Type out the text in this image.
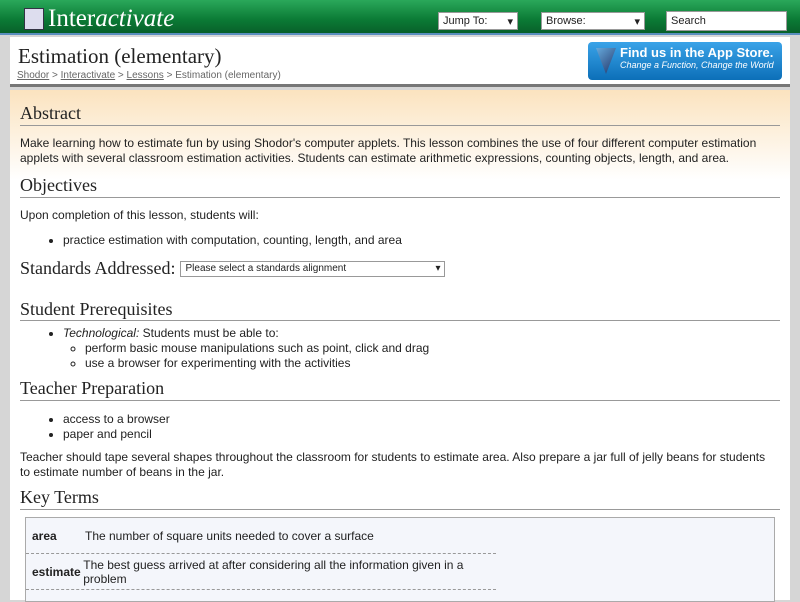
Inter activate	Jump To: ▾	Browse:	▾	Search
Estimation (elementary)
Shodor > Interactivate > Lessons > Estimation (elementary)
Find us in the App Store.
Change a Function, Change the World
Abstract

Make learning how to estimate fun by using Shodor's computer applets. This lesson combines the use of four different computer estimation applets with several classroom estimation activities. Students can estimate arithmetic expressions, counting objects, length, and area.

Objectives

Upon completion of this lesson, students will:

• practice estimation with computation, counting, length, and area
Standards Addressed: Please select a standards alignment	▾
Student Prerequisites
• Technological: Students must be able to:
◦ perform basic mouse manipulations such as point, click and drag
◦ use a browser for experimenting with the activities
Teacher Preparation
• access to a browser
• paper and pencil

Teacher should tape several shapes throughout the classroom for students to estimate area. Also prepare a jar full of jelly beans for students to estimate number of beans in the jar.

Key Terms
area	The number of square units needed to cover a surface
estimate The best guess arrived at after considering all the information given in a problem
